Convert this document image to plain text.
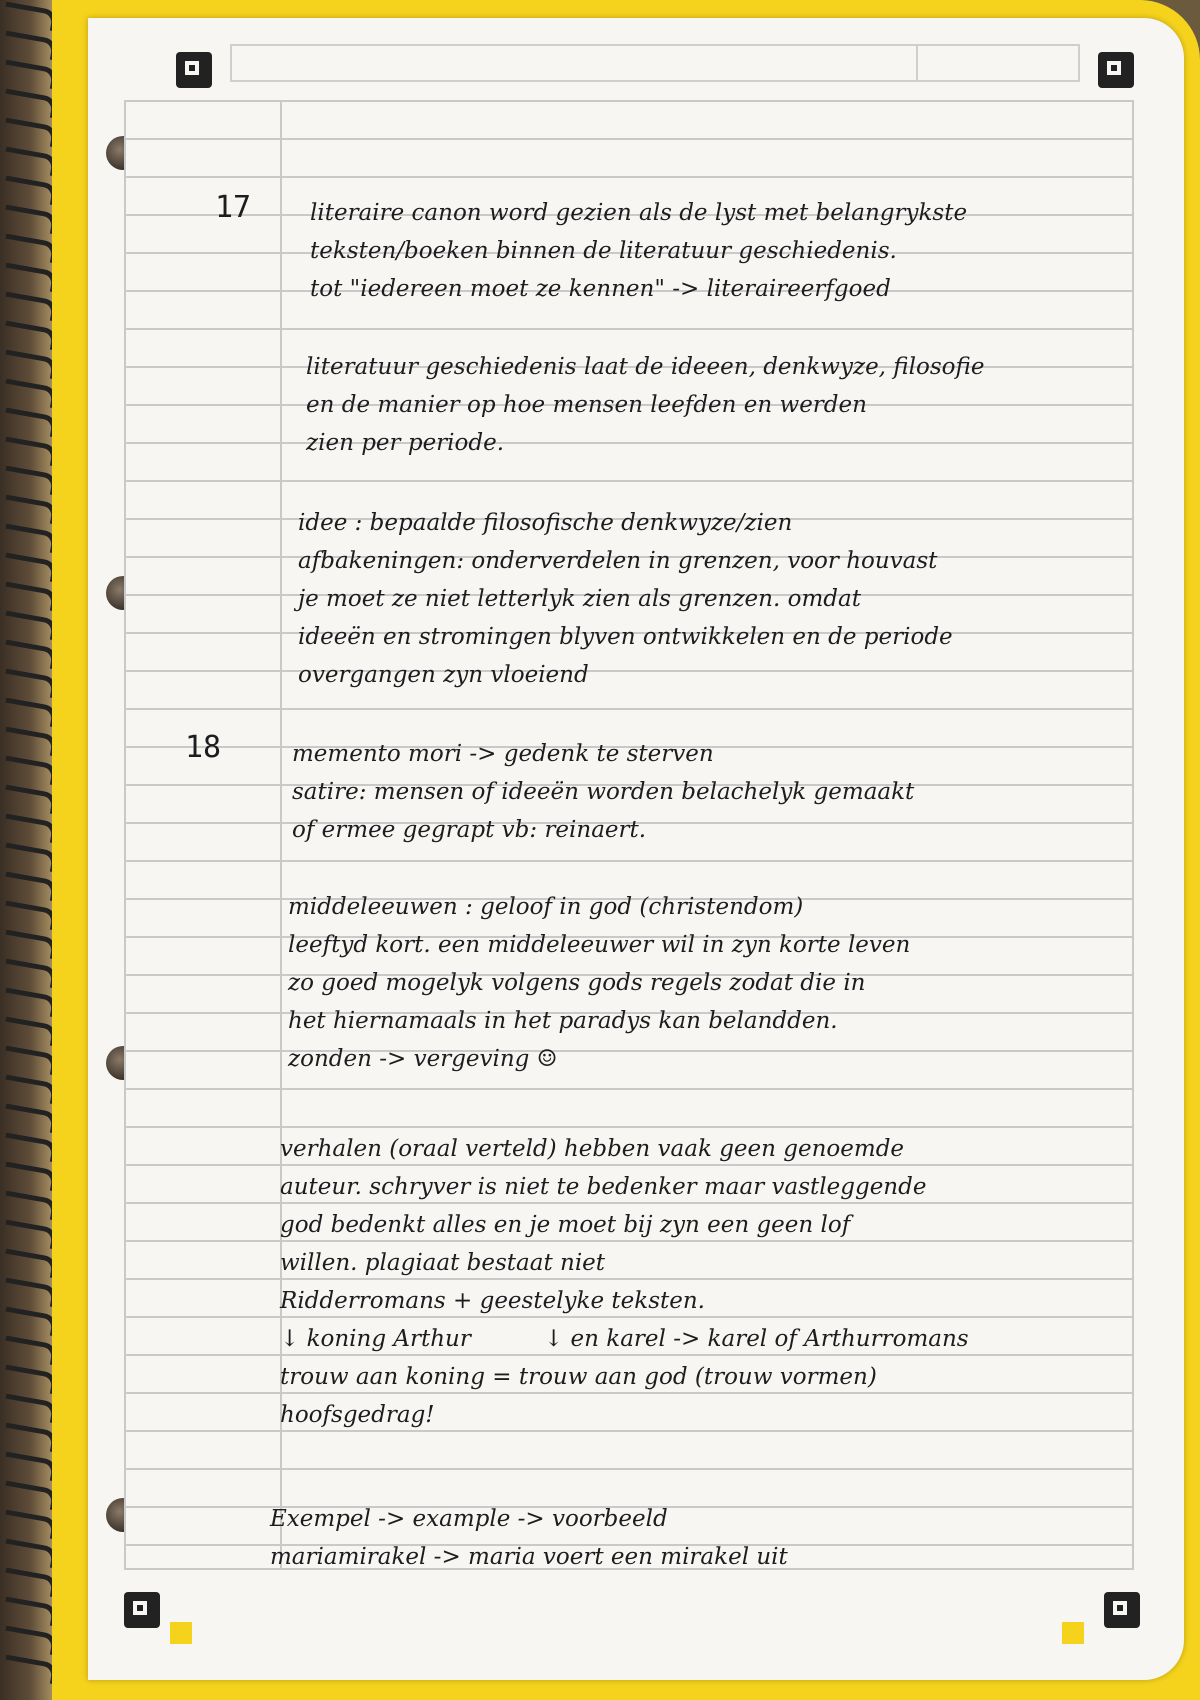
17
18
literaire canon word gezien als de lyst met belangrykste
teksten/boeken binnen de literatuur geschiedenis.
tot "iedereen moet ze kennen" -> literaireerfgoed
literatuur geschiedenis laat de ideeen, denkwyze, filosofie
en de manier op hoe mensen leefden en werden
zien per periode.
idee : bepaalde filosofische denkwyze/zien
afbakeningen: onderverdelen in grenzen, voor houvast
je moet ze niet letterlyk zien als grenzen. omdat
ideeën en stromingen blyven ontwikkelen en de periode
overgangen zyn vloeiend
memento mori -> gedenk te sterven
satire: mensen of ideeën worden belachelyk gemaakt
of ermee gegrapt vb: reinaert.
middeleeuwen : geloof in god (christendom)
leeftyd kort. een middeleeuwer wil in zyn korte leven
zo goed mogelyk volgens gods regels zodat die in
het hiernamaals in het paradys kan belandden.
zonden -> vergeving ☺
verhalen (oraal verteld) hebben vaak geen genoemde
auteur. schryver is niet te bedenker maar vastleggende
god bedenkt alles en je moet bij zyn een geen lof
willen. plagiaat bestaat niet
Ridderromans + geestelyke teksten.
↓ koning Arthur          ↓ en karel -> karel of Arthurromans
trouw aan koning = trouw aan god (trouw vormen)
hoofsgedrag!
Exempel -> example -> voorbeeld
mariamirakel -> maria voert een mirakel uit
